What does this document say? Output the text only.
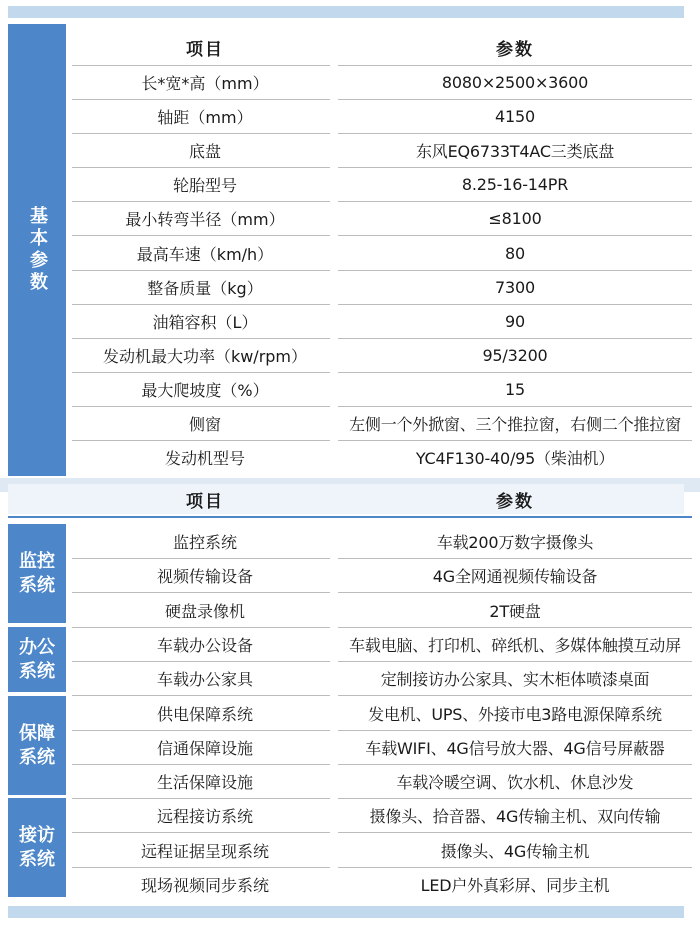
基本参数
项目	参数
长*宽*高（mm）	8080×2500×3600
轴距（mm）	4150
底盘	东风EQ6733T4AC三类底盘
轮胎型号	8.25-16-14PR
最小转弯半径（mm）	≤8100
最高车速（km/h）	80
整备质量（kg）	7300
油箱容积（L）	90
发动机最大功率（kw/rpm）	95/3200
最大爬坡度（%）	15
侧窗	左侧一个外掀窗、三个推拉窗，右侧二个推拉窗
发动机型号	YC4F130-40/95（柴油机）
项目	参数
监控系统
监控系统	车载200万数字摄像头
视频传输设备	4G全网通视频传输设备
硬盘录像机	2T硬盘
办公系统
车载办公设备	车载电脑、打印机、碎纸机、多媒体触摸互动屏
车载办公家具	定制接访办公家具、实木柜体喷漆桌面
保障系统
供电保障系统	发电机、UPS、外接市电3路电源保障系统
信通保障设施	车载WIFI、4G信号放大器、4G信号屏蔽器
生活保障设施	车载冷暖空调、饮水机、休息沙发
接访系统
远程接访系统	摄像头、拾音器、4G传输主机、双向传输
远程证据呈现系统	摄像头、4G传输主机
现场视频同步系统	LED户外真彩屏、同步主机
